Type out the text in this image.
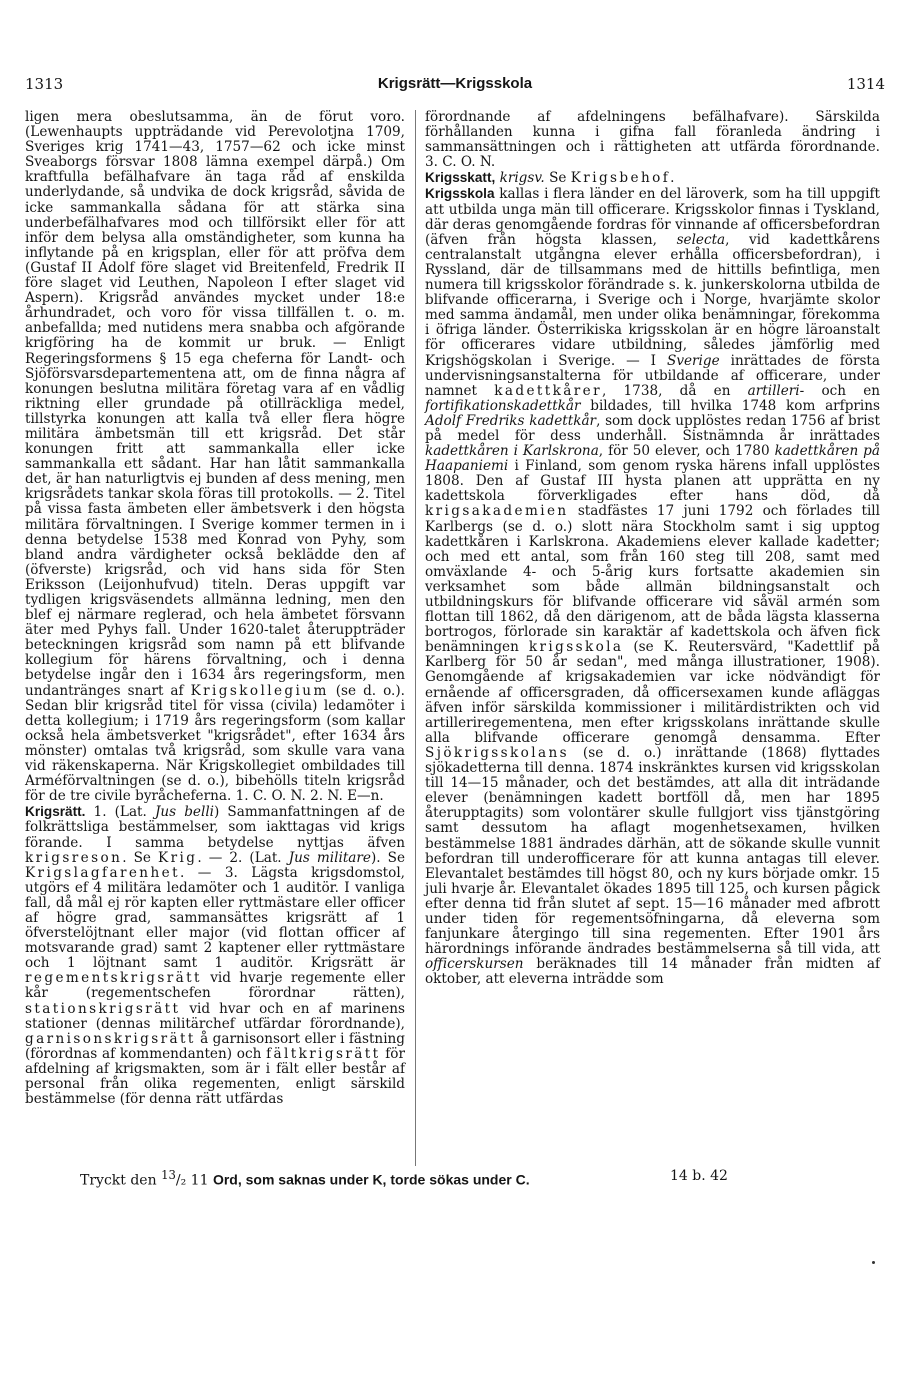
1313	Krigsrätt—Krigsskola	1314

ligen mera obeslutsamma, än de förut voro. (Lewenhaupts uppträdande vid Perevolotjna 1709, Sveriges krig 1741—43, 1757—62 och icke minst Sveaborgs försvar 1808 lämna exempel därpå.) Om kraftfulla befälhafvare än taga råd af enskilda underlydande, så undvika de dock krigsråd, såvida de icke sammankalla sådana för att stärka sina underbefälhafvares mod och tillförsikt eller för att inför dem belysa alla omständigheter, som kunna ha inflytande på en krigsplan, eller för att pröfva dem (Gustaf II Adolf före slaget vid Breitenfeld, Fredrik II före slaget vid Leuthen, Napoleon I efter slaget vid Aspern). Krigsråd användes mycket under 18:e århundradet, och voro för vissa tillfällen t. o. m. anbefallda; med nutidens mera snabba och afgörande krigföring ha de kommit ur bruk. — Enligt Regeringsformens § 15 ega cheferna för Landt- och Sjöförsvarsdepartementena att, om de finna några af konungen beslutna militära företag vara af en vådlig riktning eller grundade på otillräckliga medel, tillstyrka konungen att kalla två eller flera högre militära ämbetsmän till ett krigsråd. Det står konungen fritt att sammankalla eller icke sammankalla ett sådant. Har han låtit sammankalla det, är han naturligtvis ej bunden af dess mening, men krigsrådets tankar skola föras till protokolls. — 2. Titel på vissa fasta ämbeten eller ämbetsverk i den högsta militära förvaltningen. I Sverige kommer termen in i denna betydelse 1538 med Konrad von Pyhy, som bland andra värdigheter också beklädde den af (öfverste) krigsråd, och vid hans sida för Sten Eriksson (Leijonhufvud) titeln. Deras uppgift var tydligen krigsväsendets allmänna ledning, men den blef ej närmare reglerad, och hela ämbetet försvann äter med Pyhys fall. Under 1620-talet återuppträder beteckningen krigsråd som namn på ett blifvande kollegium för härens förvaltning, och i denna betydelse ingår den i 1634 års regeringsform, men undantränges snart af Krigskollegium (se d. o.). Sedan blir krigsråd titel för vissa (civila) ledamöter i detta kollegium; i 1719 års regeringsform (som kallar också hela ämbetsverket "krigsrådet", efter 1634 års mönster) omtalas två krigsråd, som skulle vara vana vid räkenskaperna. När Krigskollegiet ombildades till Arméförvaltningen (se d. o.), bibehölls titeln krigsråd för de tre civile byråcheferna. 1. C. O. N. 2. N. E—n.

Krigsrätt. 1. (Lat. Jus belli) Sammanfattningen af de folkrättsliga bestämmelser, som iakttagas vid krigs förande. I samma betydelse nyttjas äfven krigsreson. Se Krig. — 2. (Lat. Jus militare). Se Krigslagfarenhet. — 3. Lägsta krigsdomstol, utgörs ef 4 militära ledamöter och 1 auditör. I vanliga fall, då mål ej rör kapten eller ryttmästare eller officer af högre grad, sammansättes krigsrätt af 1 öfverstelöjtnant eller major (vid flottan officer af motsvarande grad) samt 2 kaptener eller ryttmästare och 1 löjtnant samt 1 auditör. Krigsrätt är regementskrigsrätt vid hvarje regemente eller kår (regementschefen förordnar rätten), stationskrigsrätt vid hvar och en af marinens stationer (dennas militärchef utfärdar förordnande), garnisonskrigsrätt å garnisonsort eller i fästning (förordnas af kommendanten) och fältkrigsrätt för afdelning af krigsmakten, som är i fält eller består af personal från olika regementen, enligt särskild bestämmelse (för denna rätt utfärdas

förordnande af afdelningens befälhafvare). Särskilda förhållanden kunna i gifna fall föranleda ändring i sammansättningen och i rättigheten att utfärda förordnande. 3. C. O. N.

Krigsskatt, krigsv. Se Krigsbehof.

Krigsskola kallas i flera länder en del läroverk, som ha till uppgift att utbilda unga män till officerare. Krigsskolor finnas i Tyskland, där deras genomgående fordras för vinnande af officersbefordran (äfven från högsta klassen, selecta, vid kadettkårens centralanstalt utgångna elever erhålla officersbefordran), i Ryssland, där de tillsammans med de hittills befintliga, men numera till krigsskolor förändrade s. k. junkerskolorna utbilda de blifvande officerarna, i Sverige och i Norge, hvarjämte skolor med samma ändamål, men under olika benämningar, förekomma i öfriga länder. Österrikiska krigsskolan är en högre läroanstalt för officerares vidare utbildning, således jämförlig med Krigshögskolan i Sverige. — I Sverige inrättades de första undervisningsanstalterna för utbildande af officerare, under namnet kadettkårer, 1738, då en artilleri- och en fortifikationskadettkår bildades, till hvilka 1748 kom arfprins Adolf Fredriks kadettkår, som dock upplöstes redan 1756 af brist på medel för dess underhåll. Sistnämnda år inrättades kadettkåren i Karlskrona, för 50 elever, och 1780 kadettkåren på Haapaniemi i Finland, som genom ryska härens infall upplöstes 1808. Den af Gustaf III hysta planen att upprätta en ny kadettskola förverkligades efter hans död, då krigsakademien stadfästes 17 juni 1792 och förlades till Karlbergs (se d. o.) slott nära Stockholm samt i sig upptog kadettkåren i Karlskrona. Akademiens elever kallade kadetter; och med ett antal, som från 160 steg till 208, samt med omväxlande 4- och 5-årig kurs fortsatte akademien sin verksamhet som både allmän bildningsanstalt och utbildningskurs för blifvande officerare vid såväl armén som flottan till 1862, då den därigenom, att de båda lägsta klasserna bortrogos, förlorade sin karaktär af kadettskola och äfven fick benämningen krigsskola (se K. Reutersvärd, "Kadettlif på Karlberg för 50 år sedan", med många illustrationer, 1908). Genomgående af krigsakademien var icke nödvändigt för ernående af officersgraden, då officersexamen kunde afläggas äfven inför särskilda kommissioner i militärdistrikten och vid artilleriregementena, men efter krigsskolans inrättande skulle alla blifvande officerare genomgå densamma. Efter Sjökrigsskolans (se d. o.) inrättande (1868) flyttades sjökadetterna till denna. 1874 inskränktes kursen vid krigsskolan till 14—15 månader, och det bestämdes, att alla dit inträdande elever (benämningen kadett bortföll då, men har 1895 återupptagits) som volontärer skulle fullgjort viss tjänstgöring samt dessutom ha aflagt mogenhetsexamen, hvilken bestämmelse 1881 ändrades därhän, att de sökande skulle vunnit befordran till underofficerare för att kunna antagas till elever. Elevantalet bestämdes till högst 80, och ny kurs började omkr. 15 juli hvarje år. Elevantalet ökades 1895 till 125, och kursen pågick efter denna tid från slutet af sept. 15—16 månader med afbrott under tiden för regementsöfningarna, då eleverna som fanjunkare återgingo till sina regementen. Efter 1901 års härordnings införande ändrades bestämmelserna så till vida, att officerskursen beräknades till 14 månader från midten af oktober, att eleverna inträdde som

Tryckt den $^{13}$/₂ 11 Ord, som saknas under K, torde sökas under C.	14 b. 42
